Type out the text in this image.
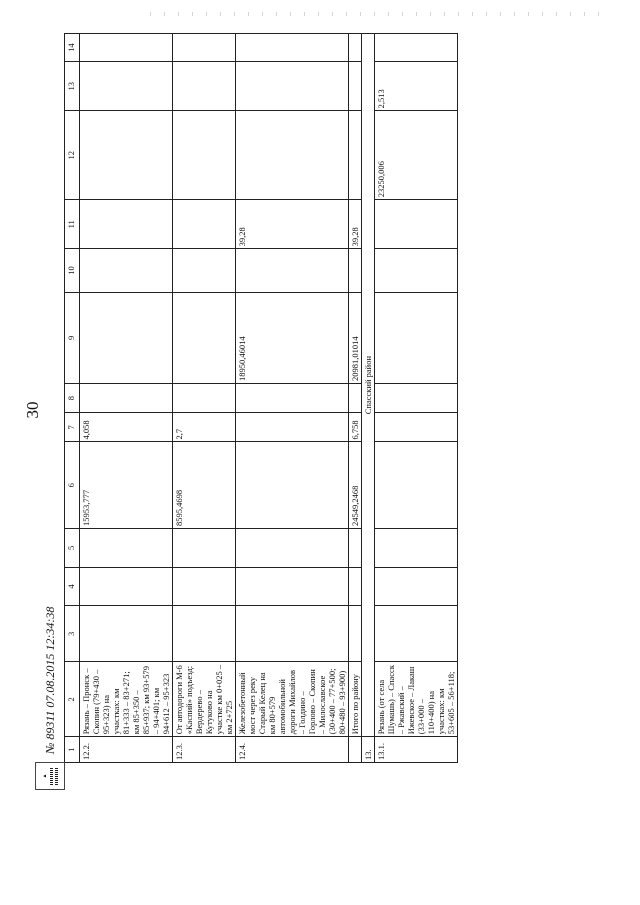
30
1	2	3	4	5	6	7	8	9	10	11	12	13	14
12.2.	Рязань – Пронск – Скопин (79+430 – 95+323) на участках: км 81+333 – 83+271; км 85+350 – 85+937; км 93+579 – 94+401; км 94+612 – 95+323				15953,777	4,058							
12.3.	От автодороги М-6 «Каспий» подъезд: Вердерево – Кутуково на участке км 0+025 – км 2+725				8595,4698	2,7							
12.4.	Железобетонный мост через реку Старый Келец на км 80+579 автомобильной дороги Михайлов – Голдино – Горлово – Скопин – Милославское (30+400 – 77+500; 80+480 – 93+900)							18950,46014		39,28			
	Итого по району				24549,2468	6,758		20981,01014		39,28			
13.	Спасский район												
13.1.	Рязань (от села Шумашь) – Спасск – Ржавский – Ижевское – Лакаш (33+000 – 110+400) на участках: км 53+605 – 56+118;										23250,006	2,513	
▲
№ 89311 07.08.2015 12:34:38
